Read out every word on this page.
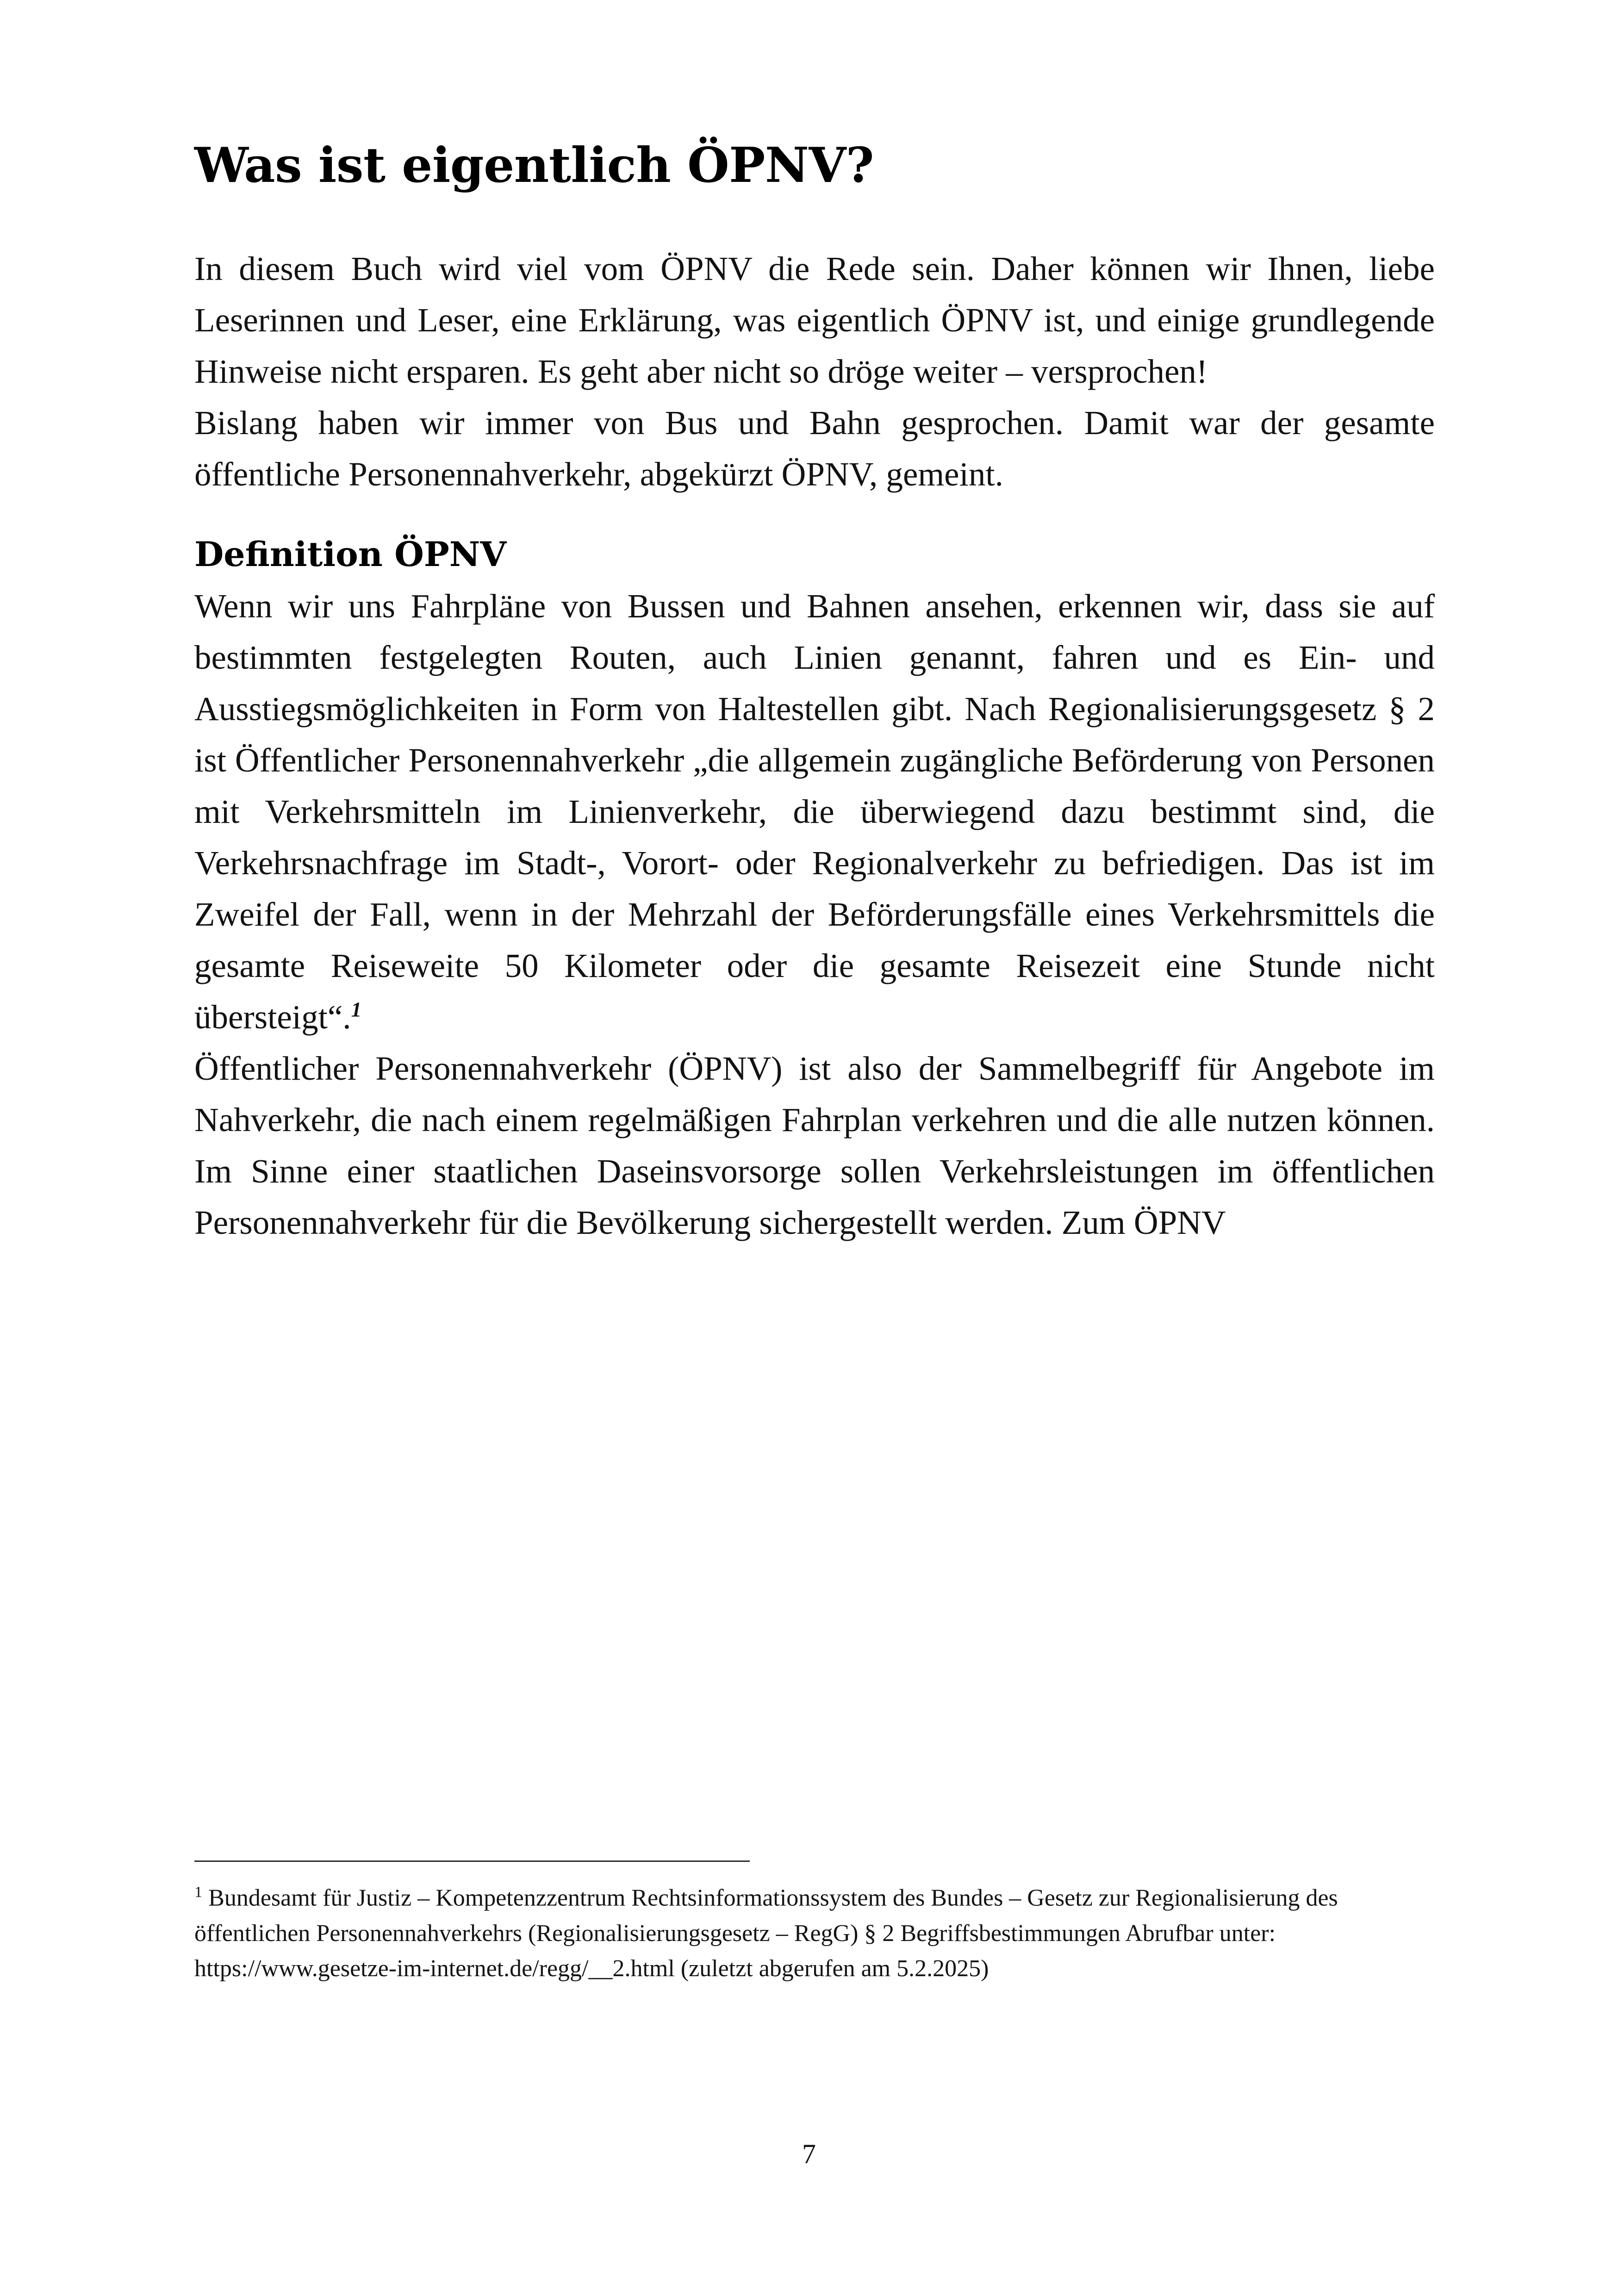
Was ist eigentlich ÖPNV?

In diesem Buch wird viel vom ÖPNV die Rede sein. Daher können wir Ihnen, liebe Leserinnen und Leser, eine Erklärung, was eigentlich ÖPNV ist, und einige grundlegende Hinweise nicht ersparen. Es geht aber nicht so dröge weiter – versprochen!

Bislang haben wir immer von Bus und Bahn gesprochen. Damit war der gesamte öffentliche Personennahverkehr, abgekürzt ÖPNV, gemeint.

Definition ÖPNV

Wenn wir uns Fahrpläne von Bussen und Bahnen ansehen, erkennen wir, dass sie auf bestimmten festgelegten Routen, auch Linien genannt, fahren und es Ein- und Ausstiegsmöglichkeiten in Form von Haltestellen gibt. Nach Regionalisierungsgesetz § 2 ist Öffentlicher Personennahverkehr „die allgemein zugängliche Beförderung von Personen mit Verkehrsmitteln im Linienverkehr, die überwiegend dazu bestimmt sind, die Verkehrsnachfrage im Stadt-, Vorort- oder Regionalverkehr zu befriedigen. Das ist im Zweifel der Fall, wenn in der Mehrzahl der Beförderungsfälle eines Verkehrsmittels die gesamte Reiseweite 50 Kilometer oder die gesamte Reisezeit eine Stunde nicht übersteigt“.$^1$

Öffentlicher Personennahverkehr (ÖPNV) ist also der Sammelbegriff für Angebote im Nahverkehr, die nach einem regelmäßigen Fahrplan verkehren und die alle nutzen können. Im Sinne einer staatlichen Daseinsvorsorge sollen Verkehrsleistungen im öffentlichen Personennahverkehr für die Bevölkerung sichergestellt werden. Zum ÖPNV

$^1$ Bundesamt für Justiz – Kompetenzzentrum Rechtsinformationssystem des Bundes – Gesetz zur Regionalisierung des öffentlichen Personennahverkehrs (Regionalisierungsgesetz – RegG) § 2 Begriffsbestimmungen Abrufbar unter: https://www.gesetze-im-internet.de/regg/__2.html (zuletzt abgerufen am 5.2.2025)

7
